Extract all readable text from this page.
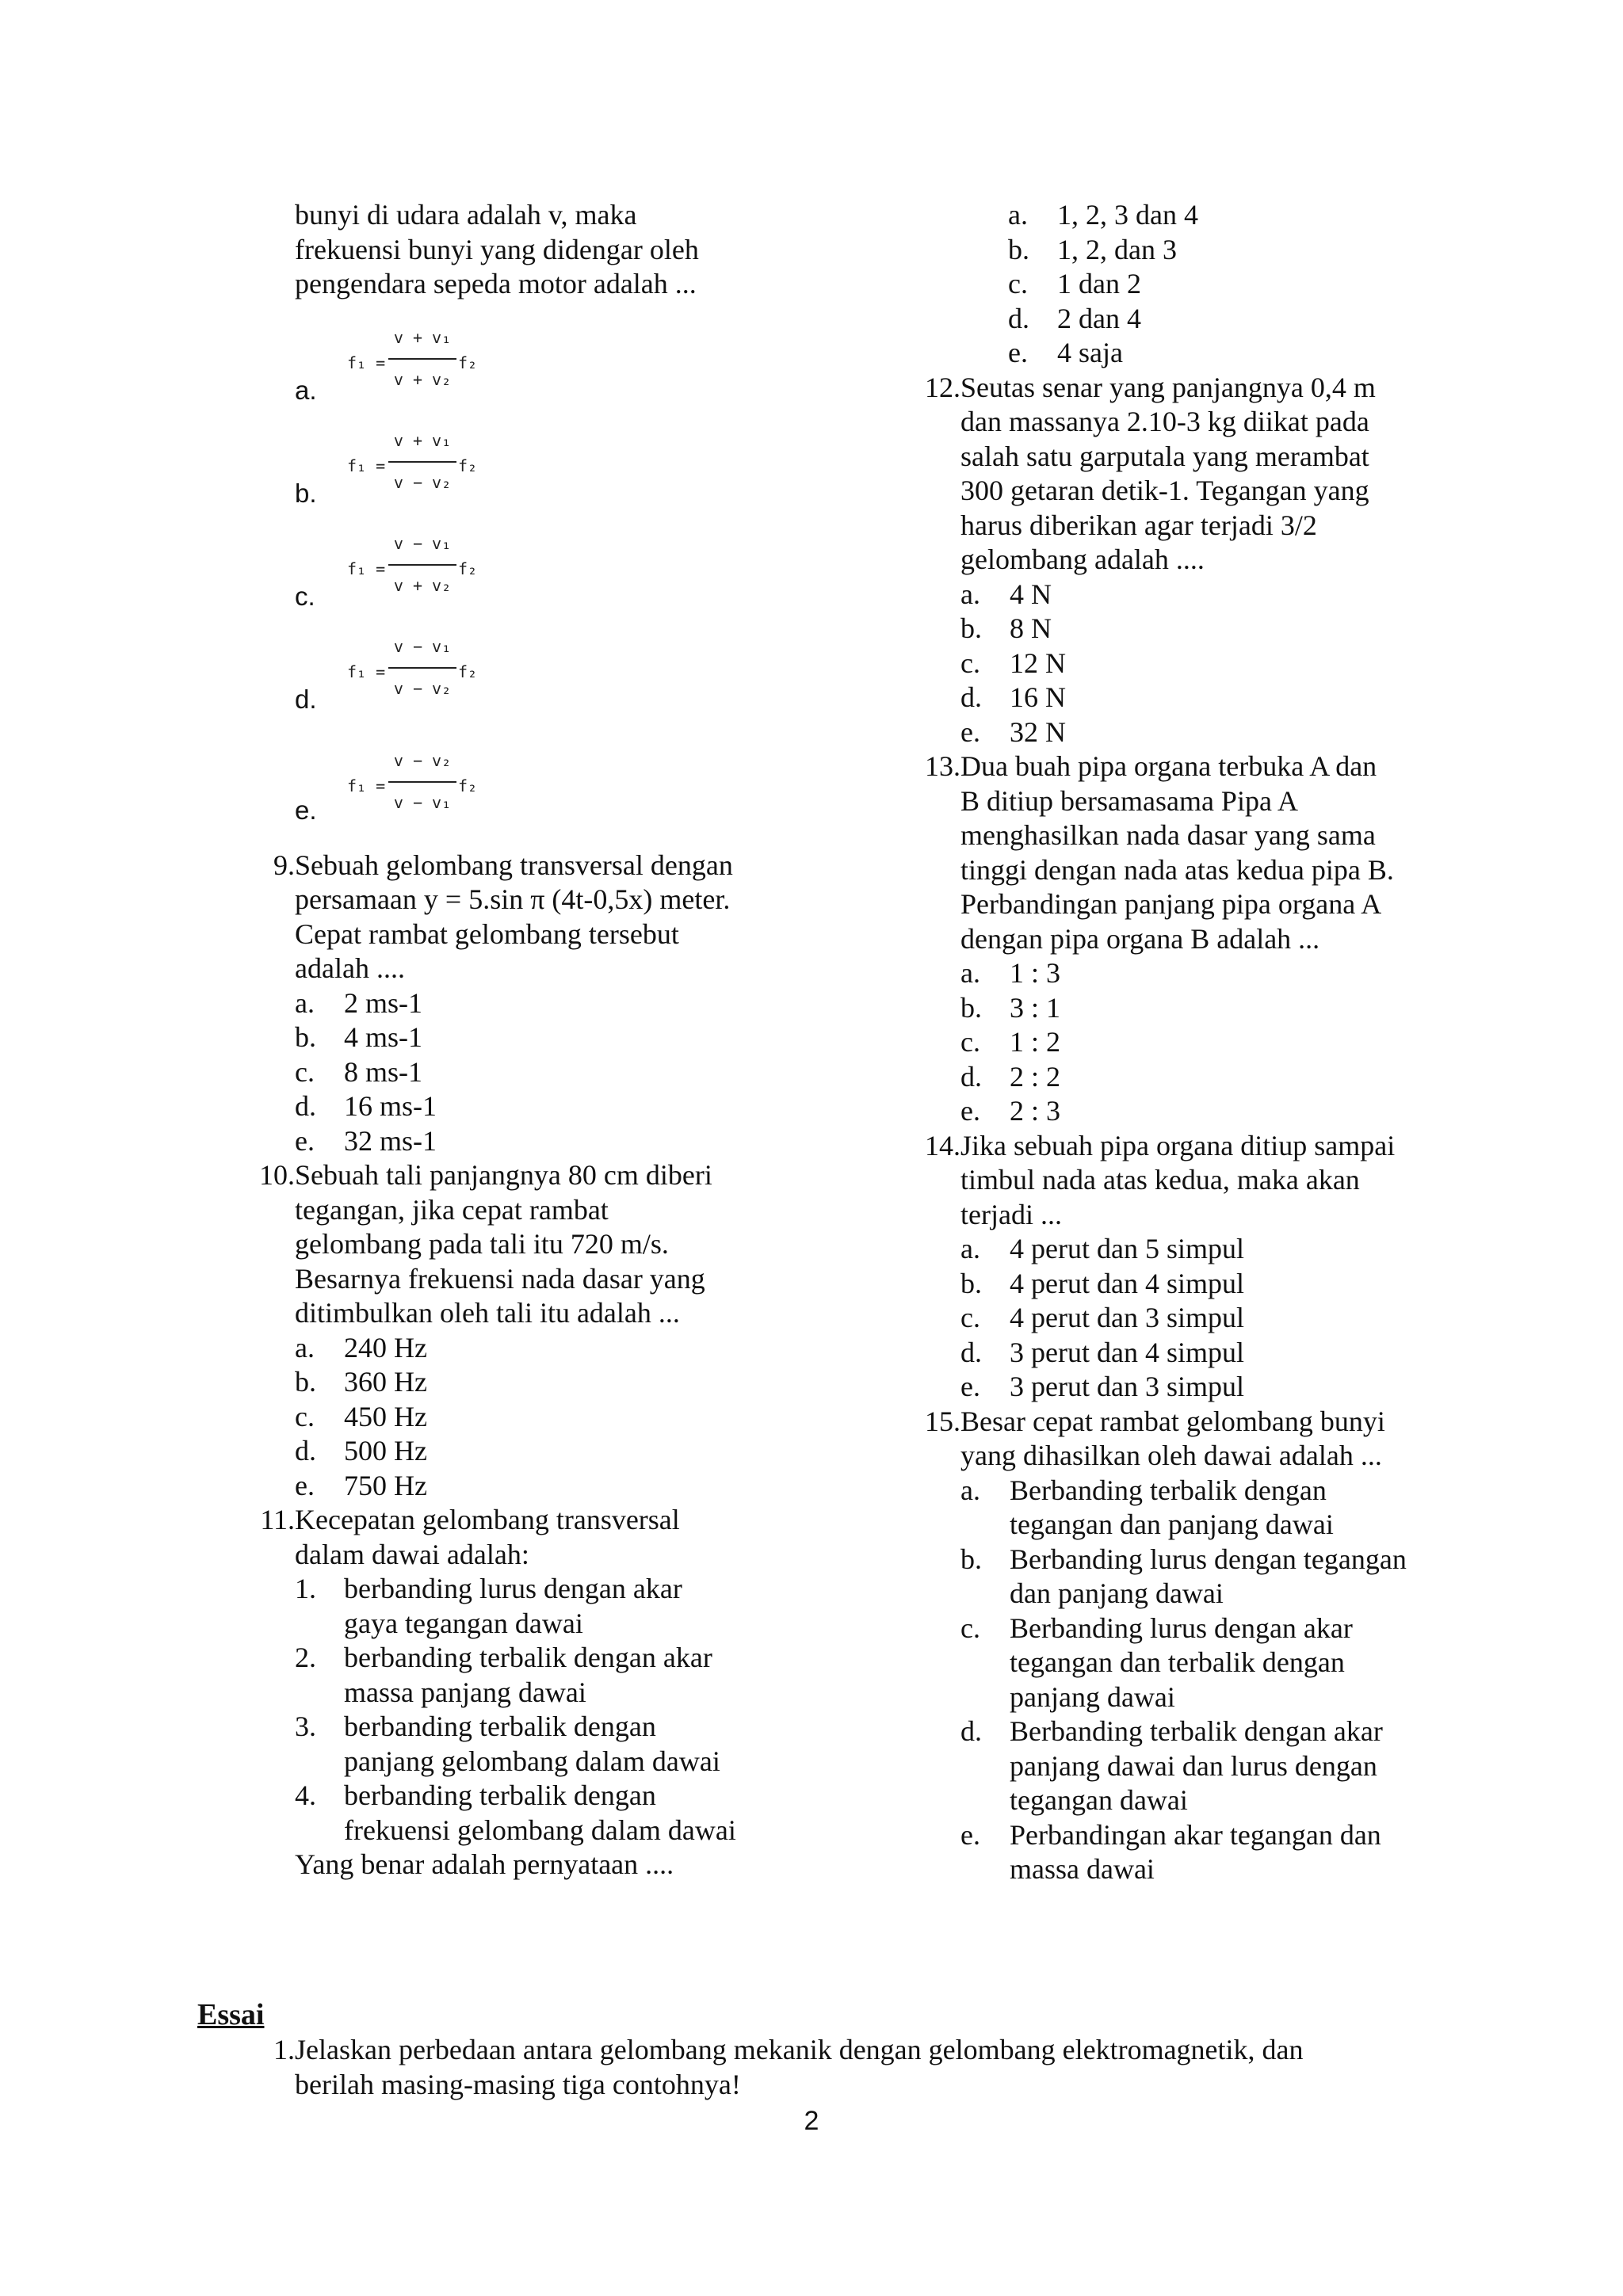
bunyi di udara adalah v, maka
frekuensi bunyi yang didengar oleh
pengendara sepeda motor adalah ...
a.
$f_1 = \frac{\text{v + v₁}}{\text{v + v₂}} f_2$
b.
$f_1 = \frac{\text{v + v₁}}{\text{v − v₂}} f_2$
c.
$f_1 = \frac{\text{v − v₁}}{\text{v + v₂}} f_2$
d.
$f_1 = \frac{\text{v − v₁}}{\text{v − v₂}} f_2$
e.
$f_1 = \frac{\text{v − v₂}}{\text{v − v₁}} f_2$
9. Sebuah gelombang transversal dengan
persamaan y = 5.sin π (4t-0,5x) meter.
Cepat rambat gelombang tersebut
adalah ....
a.	2 ms-1
b. 4 ms-1
c.	8 ms-1
d. 16 ms-1
e.	32 ms-1
10. Sebuah tali panjangnya 80 cm diberi
tegangan, jika cepat rambat
gelombang pada tali itu 720 m/s.
Besarnya frekuensi nada dasar yang
ditimbulkan oleh tali itu adalah ...
a.	240 Hz
b. 360 Hz
c.	450 Hz
d. 500 Hz
e.	750 Hz
11. Kecepatan gelombang transversal
dalam dawai adalah:
1. berbanding lurus dengan akar
gaya tegangan dawai
2. berbanding terbalik dengan akar
massa panjang dawai
3. berbanding terbalik dengan
panjang gelombang dalam dawai
4. berbanding terbalik dengan
frekuensi gelombang dalam dawai
Yang benar adalah pernyataan ....
a.	1, 2, 3 dan 4
b. 1, 2, dan 3
c.	1 dan 2
d. 2 dan 4
e.	4 saja
12. Seutas senar yang panjangnya 0,4 m
dan massanya 2.10-3 kg diikat pada
salah satu garputala yang merambat
300 getaran detik-1. Tegangan yang
harus diberikan agar terjadi 3/2
gelombang adalah ....
a.	4 N
b. 8 N
c.	12 N
d. 16 N
e.	32 N
13. Dua buah pipa organa terbuka A dan
B ditiup bersamasama Pipa A
menghasilkan nada dasar yang sama
tinggi dengan nada atas kedua pipa B.
Perbandingan panjang pipa organa A
dengan pipa organa B adalah ...
a.	1 : 3
b. 3 : 1
c.	1 : 2
d. 2 : 2
e.	2 : 3
14. Jika sebuah pipa organa ditiup sampai
timbul nada atas kedua, maka akan
terjadi ...
a.	4 perut dan 5 simpul
b. 4 perut dan 4 simpul
c.	4 perut dan 3 simpul
d. 3 perut dan 4 simpul
e.	3 perut dan 3 simpul
15. Besar cepat rambat gelombang bunyi
yang dihasilkan oleh dawai adalah ...
a.	Berbanding terbalik dengan
tegangan dan panjang dawai
b. Berbanding lurus dengan tegangan
dan panjang dawai
c.	Berbanding lurus dengan akar
tegangan dan terbalik dengan
panjang dawai
d. Berbanding terbalik dengan akar
panjang dawai dan lurus dengan
tegangan dawai
e.	Perbandingan akar tegangan dan
massa dawai
Essai
1. Jelaskan perbedaan antara gelombang mekanik dengan gelombang elektromagnetik, dan
berilah masing-masing tiga contohnya!
2
